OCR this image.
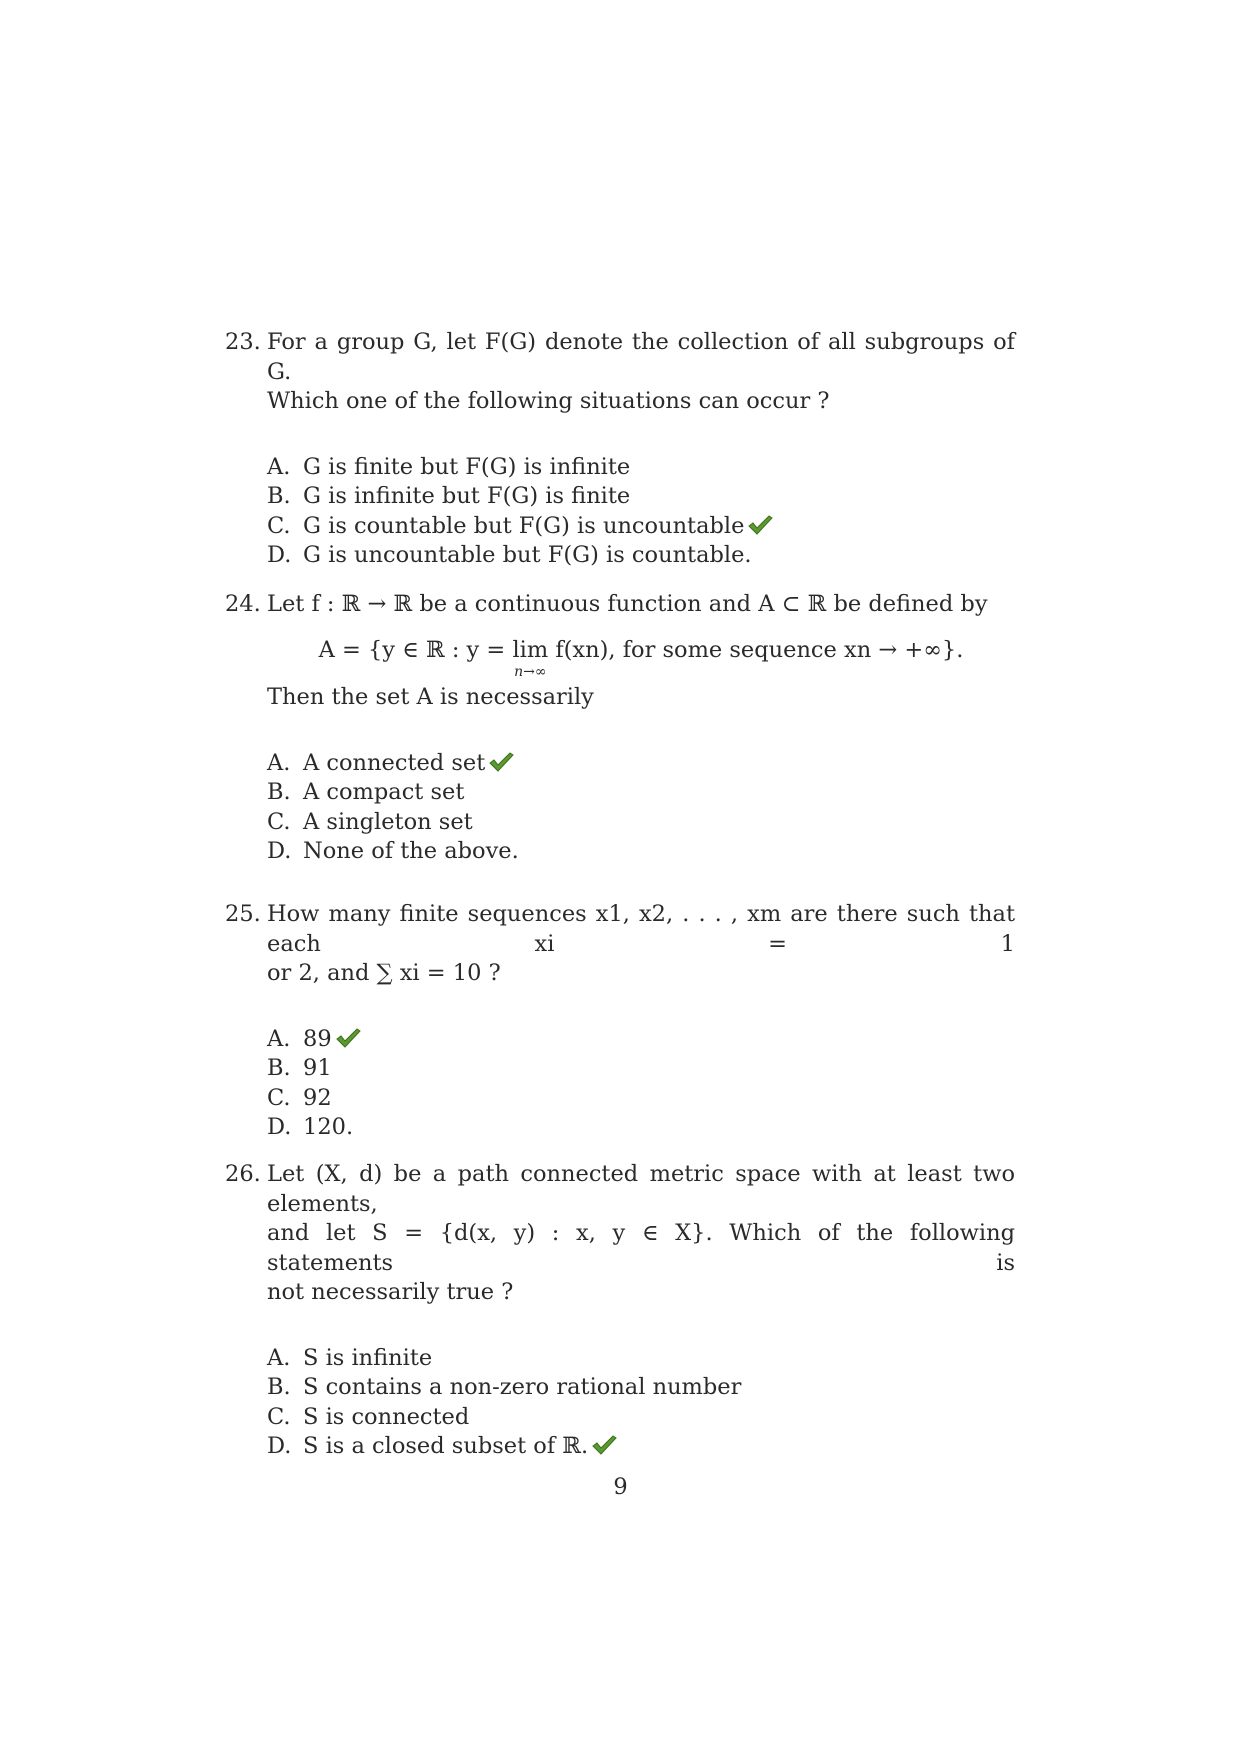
23. For a group G, let F(G) denote the collection of all subgroups of G.
Which one of the following situations can occur ?
A. G is finite but F(G) is infinite
B. G is infinite but F(G) is finite
C. G is countable but F(G) is uncountable
D. G is uncountable but F(G) is countable.
24. Let f : ℝ → ℝ be a continuous function and A ⊂ ℝ be defined by
A = {y ∈ ℝ : y = lim
n→∞
f(xn), for some sequence xn → +∞}.
Then the set A is necessarily
A. A connected set
B. A compact set
C. A singleton set
D. None of the above.
25. How many finite sequences x1, x2, . . . , xm are there such that each xi = 1
or 2, and ∑ xi = 10 ?
A. 89
B. 91
C. 92
D. 120.
26. Let (X, d) be a path connected metric space with at least two elements,
and let S = {d(x, y) : x, y ∈ X}. Which of the following statements is
not necessarily true ?
A. S is infinite
B. S contains a non-zero rational number
C. S is connected
D. S is a closed subset of ℝ.
9
